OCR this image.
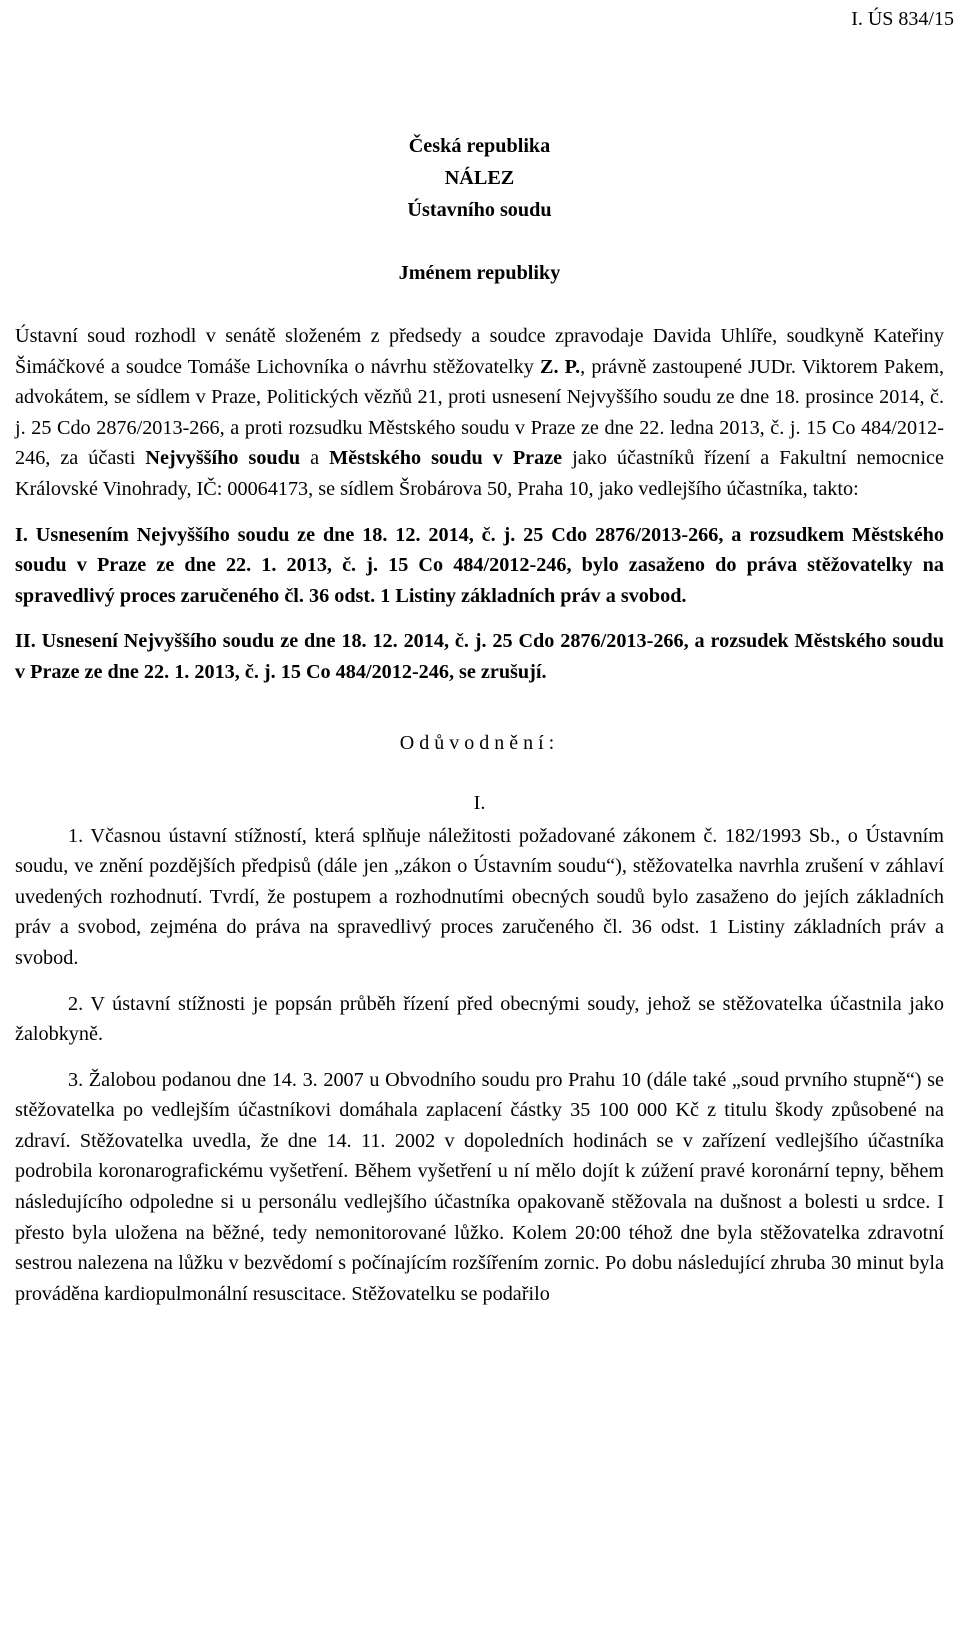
I. ÚS 834/15
Česká republika
NÁLEZ
Ústavního soudu
Jménem republiky

Ústavní soud rozhodl v senátě složeném z předsedy a soudce zpravodaje Davida Uhlíře, soudkyně Kateřiny Šimáčkové a soudce Tomáše Lichovníka o návrhu stěžovatelky Z. P., právně zastoupené JUDr. Viktorem Pakem, advokátem, se sídlem v Praze, Politických vězňů 21, proti usnesení Nejvyššího soudu ze dne 18. prosince 2014, č. j. 25 Cdo 2876/2013-266, a proti rozsudku Městského soudu v Praze ze dne 22. ledna 2013, č. j. 15 Co 484/2012-246, za účasti Nejvyššího soudu a Městského soudu v Praze jako účastníků řízení a Fakultní nemocnice Královské Vinohrady, IČ: 00064173, se sídlem Šrobárova 50, Praha 10, jako vedlejšího účastníka, takto:

I. Usnesením Nejvyššího soudu ze dne 18. 12. 2014, č. j. 25 Cdo 2876/2013-266, a rozsudkem Městského soudu v Praze ze dne 22. 1. 2013, č. j. 15 Co 484/2012-246, bylo zasaženo do práva stěžovatelky na spravedlivý proces zaručeného čl. 36 odst. 1 Listiny základních práv a svobod.

II. Usnesení Nejvyššího soudu ze dne 18. 12. 2014, č. j. 25 Cdo 2876/2013-266, a rozsudek Městského soudu v Praze ze dne 22. 1. 2013, č. j. 15 Co 484/2012-246, se zrušují.

Odůvodnění:
I.

1. Včasnou ústavní stížností, která splňuje náležitosti požadované zákonem č. 182/1993 Sb., o Ústavním soudu, ve znění pozdějších předpisů (dále jen „zákon o Ústavním soudu“), stěžovatelka navrhla zrušení v záhlaví uvedených rozhodnutí. Tvrdí, že postupem a rozhodnutími obecných soudů bylo zasaženo do jejích základních práv a svobod, zejména do práva na spravedlivý proces zaručeného čl. 36 odst. 1 Listiny základních práv a svobod.

2. V ústavní stížnosti je popsán průběh řízení před obecnými soudy, jehož se stěžovatelka účastnila jako žalobkyně.

3. Žalobou podanou dne 14. 3. 2007 u Obvodního soudu pro Prahu 10 (dále také „soud prvního stupně“) se stěžovatelka po vedlejším účastníkovi domáhala zaplacení částky 35 100 000 Kč z titulu škody způsobené na zdraví. Stěžovatelka uvedla, že dne 14. 11. 2002 v dopoledních hodinách se v zařízení vedlejšího účastníka podrobila koronarografickému vyšetření. Během vyšetření u ní mělo dojít k zúžení pravé koronární tepny, během následujícího odpoledne si u personálu vedlejšího účastníka opakovaně stěžovala na dušnost a bolesti u srdce. I přesto byla uložena na běžné, tedy nemonitorované lůžko. Kolem 20:00 téhož dne byla stěžovatelka zdravotní sestrou nalezena na lůžku v bezvědomí s počínajícím rozšířením zornic. Po dobu následující zhruba 30 minut byla prováděna kardiopulmonální resuscitace. Stěžovatelku se podařilo
